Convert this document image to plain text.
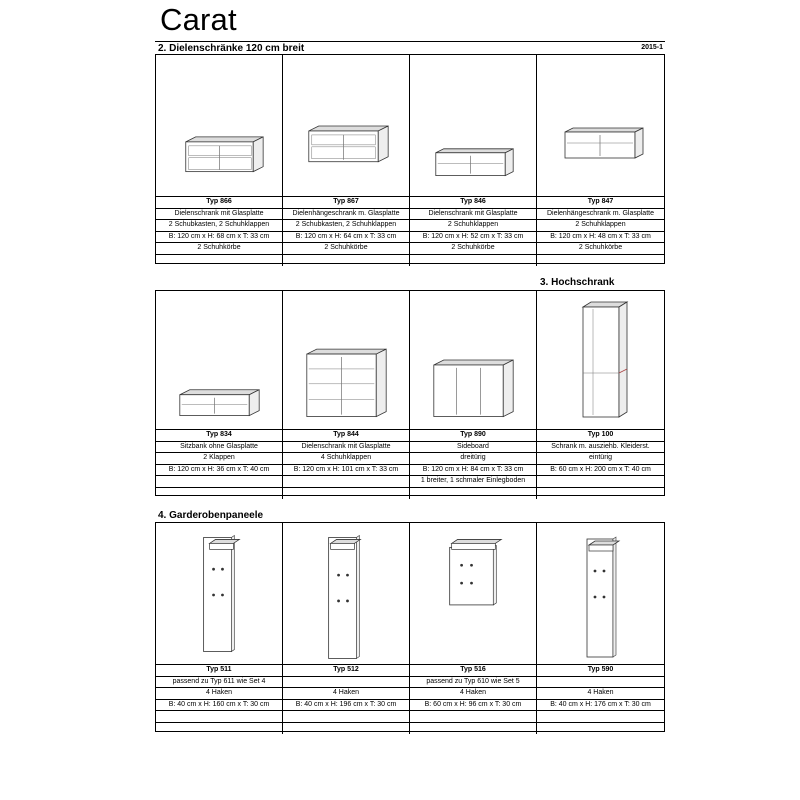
Carat
2. Dielenschränke 120 cm breit	2015-1
Typ 866
Dielenschrank mit Glasplatte
2 Schubkasten, 2 Schuhklappen
B: 120 cm x H: 68 cm x T: 33 cm
2 Schuhkörbe
Typ 867
Dielenhängeschrank m. Glasplatte
2 Schubkasten, 2 Schuhklappen
B: 120 cm x H: 64 cm x T: 33 cm
2 Schuhkörbe
Typ 846
Dielenschrank mit Glasplatte
2 Schuhklappen
B: 120 cm x H: 52 cm x T: 33 cm
2 Schuhkörbe
Typ 847
Dielenhängeschrank m. Glasplatte
2 Schuhklappen
B: 120 cm x H: 48 cm x T: 33 cm
2 Schuhkörbe
3. Hochschrank
Typ 834
Sitzbank ohne Glasplatte
2 Klappen
B: 120 cm x H: 36 cm x T: 40 cm
Typ 844
Dielenschrank mit Glasplatte
4 Schuhklappen
B: 120 cm x H: 101 cm x T: 33 cm
Typ 890
Sideboard
dreitürig
B: 120 cm x H: 84 cm x T: 33 cm
1 breiter, 1 schmaler Einlegboden
Typ 100
Schrank m. ausziehb. Kleiderst.
eintürig
B: 60 cm x H: 200 cm x T: 40 cm
4. Garderobenpaneele
Typ 511
passend zu Typ 611 wie Set 4
4 Haken
B: 40 cm x H: 160 cm x T: 30 cm
Typ 512
4 Haken
B: 40 cm x H: 196 cm x T: 30 cm
Typ 516
passend zu Typ 610 wie Set 5
4 Haken
B: 60 cm x H: 96 cm x T: 30 cm
Typ 590
4 Haken
B: 40 cm x H: 176 cm x T: 30 cm
